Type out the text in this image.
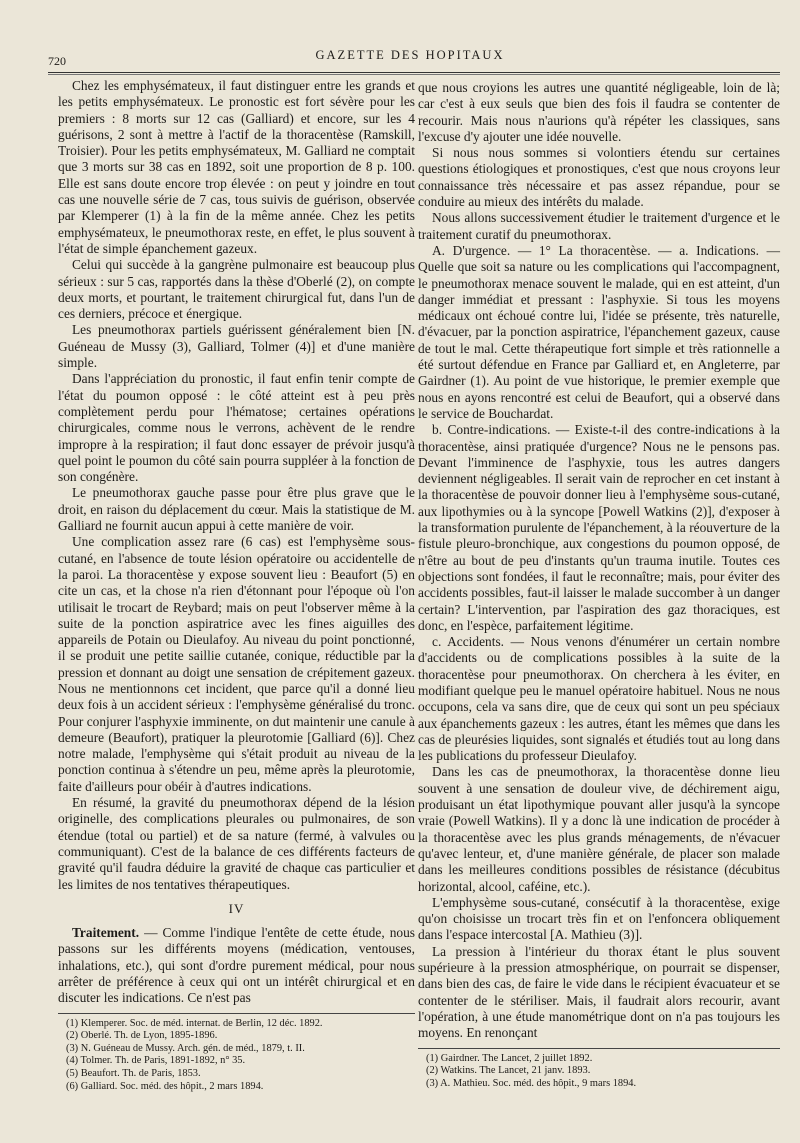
720	GAZETTE DES HOPITAUX

Chez les emphysémateux, il faut distinguer entre les grands et les petits emphysémateux. Le pronostic est fort sévère pour les premiers : 8 morts sur 12 cas (Galliard) et encore, sur les 4 guérisons, 2 sont à mettre à l'actif de la thoracentèse (Ramskill, Troisier). Pour les petits emphysémateux, M. Galliard ne comptait que 3 morts sur 38 cas en 1892, soit une proportion de 8 p. 100. Elle est sans doute encore trop élevée : on peut y joindre en tout cas une nouvelle série de 7 cas, tous suivis de guérison, observée par Klemperer (1) à la fin de la même année. Chez les petits emphysémateux, le pneumothorax reste, en effet, le plus souvent à l'état de simple épanchement gazeux.

Celui qui succède à la gangrène pulmonaire est beaucoup plus sérieux : sur 5 cas, rapportés dans la thèse d'Oberlé (2), on compte deux morts, et pourtant, le traitement chirurgical fut, dans l'un de ces derniers, précoce et énergique.

Les pneumothorax partiels guérissent généralement bien [N. Guéneau de Mussy (3), Galliard, Tolmer (4)] et d'une manière simple.

Dans l'appréciation du pronostic, il faut enfin tenir compte de l'état du poumon opposé : le côté atteint est à peu près complètement perdu pour l'hématose; certaines opérations chirurgicales, comme nous le verrons, achèvent de le rendre impropre à la respiration; il faut donc essayer de prévoir jusqu'à quel point le poumon du côté sain pourra suppléer à la fonction de son congénère.

Le pneumothorax gauche passe pour être plus grave que le droit, en raison du déplacement du cœur. Mais la statistique de M. Galliard ne fournit aucun appui à cette manière de voir.

Une complication assez rare (6 cas) est l'emphysème sous-cutané, en l'absence de toute lésion opératoire ou accidentelle de la paroi. La thoracentèse y expose souvent lieu : Beaufort (5) en cite un cas, et la chose n'a rien d'étonnant pour l'époque où l'on utilisait le trocart de Reybard; mais on peut l'observer même à la suite de la ponction aspiratrice avec les fines aiguilles des appareils de Potain ou Dieulafoy. Au niveau du point ponctionné, il se produit une petite saillie cutanée, conique, réductible par la pression et donnant au doigt une sensation de crépitement gazeux. Nous ne mentionnons cet incident, que parce qu'il a donné lieu deux fois à un accident sérieux : l'emphysème généralisé du tronc. Pour conjurer l'asphyxie imminente, on dut maintenir une canule à demeure (Beaufort), pratiquer la pleurotomie [Galliard (6)]. Chez notre malade, l'emphysème qui s'était produit au niveau de la ponction continua à s'étendre un peu, même après la pleurotomie, faite d'ailleurs pour obéir à d'autres indications.

En résumé, la gravité du pneumothorax dépend de la lésion originelle, des complications pleurales ou pulmonaires, de son étendue (total ou partiel) et de sa nature (fermé, à valvules ou communiquant). C'est de la balance de ces différents facteurs de gravité qu'il faudra déduire la gravité de chaque cas particulier et les limites de nos tentatives thérapeutiques.

IV

Traitement. — Comme l'indique l'entête de cette étude, nous passons sur les différents moyens (médication, ventouses, inhalations, etc.), qui sont d'ordre purement médical, pour nous arrêter de préférence à ceux qui ont un intérêt chirurgical et en discuter les indications. Ce n'est pas

(1) Klemperer. Soc. de méd. internat. de Berlin, 12 déc. 1892.
(2) Oberlé. Th. de Lyon, 1895-1896.
(3) N. Guéneau de Mussy. Arch. gén. de méd., 1879, t. II.
(4) Tolmer. Th. de Paris, 1891-1892, n° 35.
(5) Beaufort. Th. de Paris, 1853.
(6) Galliard. Soc. méd. des hôpit., 2 mars 1894.

que nous croyions les autres une quantité négligeable, loin de là; car c'est à eux seuls que bien des fois il faudra se contenter de recourir. Mais nous n'aurions qu'à répéter les classiques, sans l'excuse d'y ajouter une idée nouvelle.

Si nous nous sommes si volontiers étendu sur certaines questions étiologiques et pronostiques, c'est que nous croyons leur connaissance très nécessaire et pas assez répandue, pour se conduire au mieux des intérêts du malade.

Nous allons successivement étudier le traitement d'urgence et le traitement curatif du pneumothorax.

A. D'urgence. — 1° La thoracentèse. — a. Indications. — Quelle que soit sa nature ou les complications qui l'accompagnent, le pneumothorax menace souvent le malade, qui en est atteint, d'un danger immédiat et pressant : l'asphyxie. Si tous les moyens médicaux ont échoué contre lui, l'idée se présente, très naturelle, d'évacuer, par la ponction aspiratrice, l'épanchement gazeux, cause de tout le mal. Cette thérapeutique fort simple et très rationnelle a été surtout défendue en France par Galliard et, en Angleterre, par Gairdner (1). Au point de vue historique, le premier exemple que nous en ayons rencontré est celui de Beaufort, qui a observé dans le service de Bouchardat.

b. Contre-indications. — Existe-t-il des contre-indications à la thoracentèse, ainsi pratiquée d'urgence? Nous ne le pensons pas. Devant l'imminence de l'asphyxie, tous les autres dangers deviennent négligeables. Il serait vain de reprocher en cet instant à la thoracentèse de pouvoir donner lieu à l'emphysème sous-cutané, aux lipothymies ou à la syncope [Powell Watkins (2)], d'exposer à la transformation purulente de l'épanchement, à la réouverture de la fistule pleuro-bronchique, aux congestions du poumon opposé, de n'être au bout de peu d'instants qu'un trauma inutile. Toutes ces objections sont fondées, il faut le reconnaître; mais, pour éviter des accidents possibles, faut-il laisser le malade succomber à un danger certain? L'intervention, par l'aspiration des gaz thoraciques, est donc, en l'espèce, parfaitement légitime.

c. Accidents. — Nous venons d'énumérer un certain nombre d'accidents ou de complications possibles à la suite de la thoracentèse pour pneumothorax. On cherchera à les éviter, en modifiant quelque peu le manuel opératoire habituel. Nous ne nous occupons, cela va sans dire, que de ceux qui sont un peu spéciaux aux épanchements gazeux : les autres, étant les mêmes que dans les cas de pleurésies liquides, sont signalés et étudiés tout au long dans les publications du professeur Dieulafoy.

Dans les cas de pneumothorax, la thoracentèse donne lieu souvent à une sensation de douleur vive, de déchirement aigu, produisant un état lipothymique pouvant aller jusqu'à la syncope vraie (Powell Watkins). Il y a donc là une indication de procéder à la thoracentèse avec les plus grands ménagements, de n'évacuer qu'avec lenteur, et, d'une manière générale, de placer son malade dans les meilleures conditions possibles de résistance (décubitus horizontal, alcool, caféine, etc.).

L'emphysème sous-cutané, consécutif à la thoracentèse, exige qu'on choisisse un trocart très fin et on l'enfoncera obliquement dans l'espace intercostal [A. Mathieu (3)].

La pression à l'intérieur du thorax étant le plus souvent supérieure à la pression atmosphérique, on pourrait se dispenser, dans bien des cas, de faire le vide dans le récipient évacuateur et se contenter de le stériliser. Mais, il faudrait alors recourir, avant l'opération, à une étude manométrique dont on n'a pas toujours les moyens. En renonçant

(1) Gairdner. The Lancet, 2 juillet 1892.
(2) Watkins. The Lancet, 21 janv. 1893.
(3) A. Mathieu. Soc. méd. des hôpit., 9 mars 1894.
